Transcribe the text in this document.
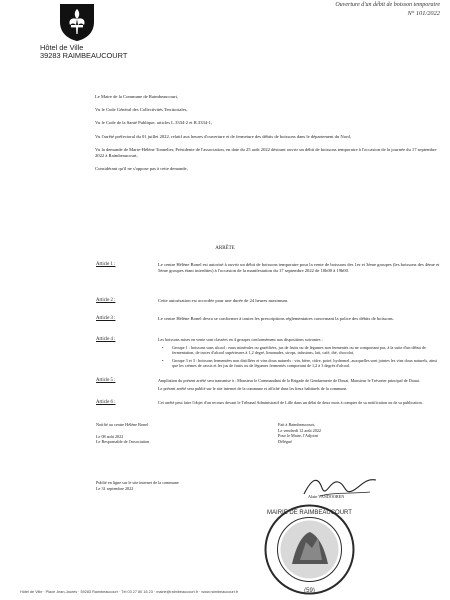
Hôtel de Ville
39283 RAIMBEAUCOURT
Ouverture d'un débit de boisson temporaire
N° 101/2022

Le Maire de la Commune de Raimbeaucourt,

Vu le Code Général des Collectivités Territoriales,

Vu le Code de la Santé Publique, articles L.3334-2 et R.3334-1,

Vu l'arrêté préfectoral du 01 juillet 2022, relatif aux heures d'ouverture et de fermeture des débits de boissons dans le département du Nord,

Vu la demande de Marie-Hélène Tonnelier, Présidente de l'association, en date du 25 août 2022 désirant ouvrir un débit de boissons temporaire à l'occasion de la journée du 17 septembre 2022 à Raimbeaucourt,

Considérant qu'il ne s'oppose pas à cette demande,

ARRÊTE
Article 1 :	Le centre Hélène Bonel est autorisé à ouvrir un débit de boissons temporaire pour la vente de boissons des 1er et 3ème groupes (les boissons des 4ème et 5ème groupes étant interdites) à l'occasion de la manifestation du 17 septembre 2022 de 10h00 à 19h00.

Article 2 :	Cette autorisation est accordée pour une durée de 24 heures maximum.

Article 3 :	Le centre Hélène Bonel devra se conformer à toutes les prescriptions réglementaires concernant la police des débits de boissons.

Article 4 :	Les boissons mises en vente sont classées en 4 groupes conformément aux dispositions suivantes :

• Groupe 1 : boissons sans alcool : eaux minérales ou gazéifiées, jus de fruits ou de légumes non fermentés ou ne comportant pas, à la suite d'un début de fermentation, de traces d'alcool supérieures à 1,2 degré, limonades, sirops, infusions, lait, café, thé, chocolat,

• Groupe 3 et 3 : boissons fermentées non distillées et vins doux naturels : vin, bière, cidre, poiré, hydromel, auxquelles sont jointes les vins doux naturels, ainsi que les crèmes de cassis et les jus de fruits ou de légumes fermentés comportant de 1,2 à 3 degrés d'alcool.

Article 5 :	Ampliation du présent arrêté sera transmise à : Monsieur le Commandant de la Brigade de Gendarmerie de Douai, Monsieur le Trésorier principal de Douai.

Le présent arrêté sera publié sur le site internet de la commune et affiché dans les lieux habituels de la commune.

Article 6 :	Cet arrêté peut faire l'objet d'un recours devant le Tribunal Administratif de Lille dans un délai de deux mois à compter de sa notification ou de sa publication.

Notifié au centre Hélène Bonel
Le 08 août 2022
Le Responsable de l'association
Fait à Raimbeaucourt,
Le vendredi 12 août 2022
Pour le Maire, l'Adjoint
Délégué
Alain VANDOOREN
Publié en ligne sur le site internet de la commune
Le 31 septembre 2022
MAIRIE DE RAIMBEAUCOURT
(59)
Hôtel de Ville · Place Jean-Jaurès · 59283 Raimbeaucourt · Tél 03 27 80 16 23 · mairie@raimbeaucourt.fr · www.raimbeaucourt.fr
